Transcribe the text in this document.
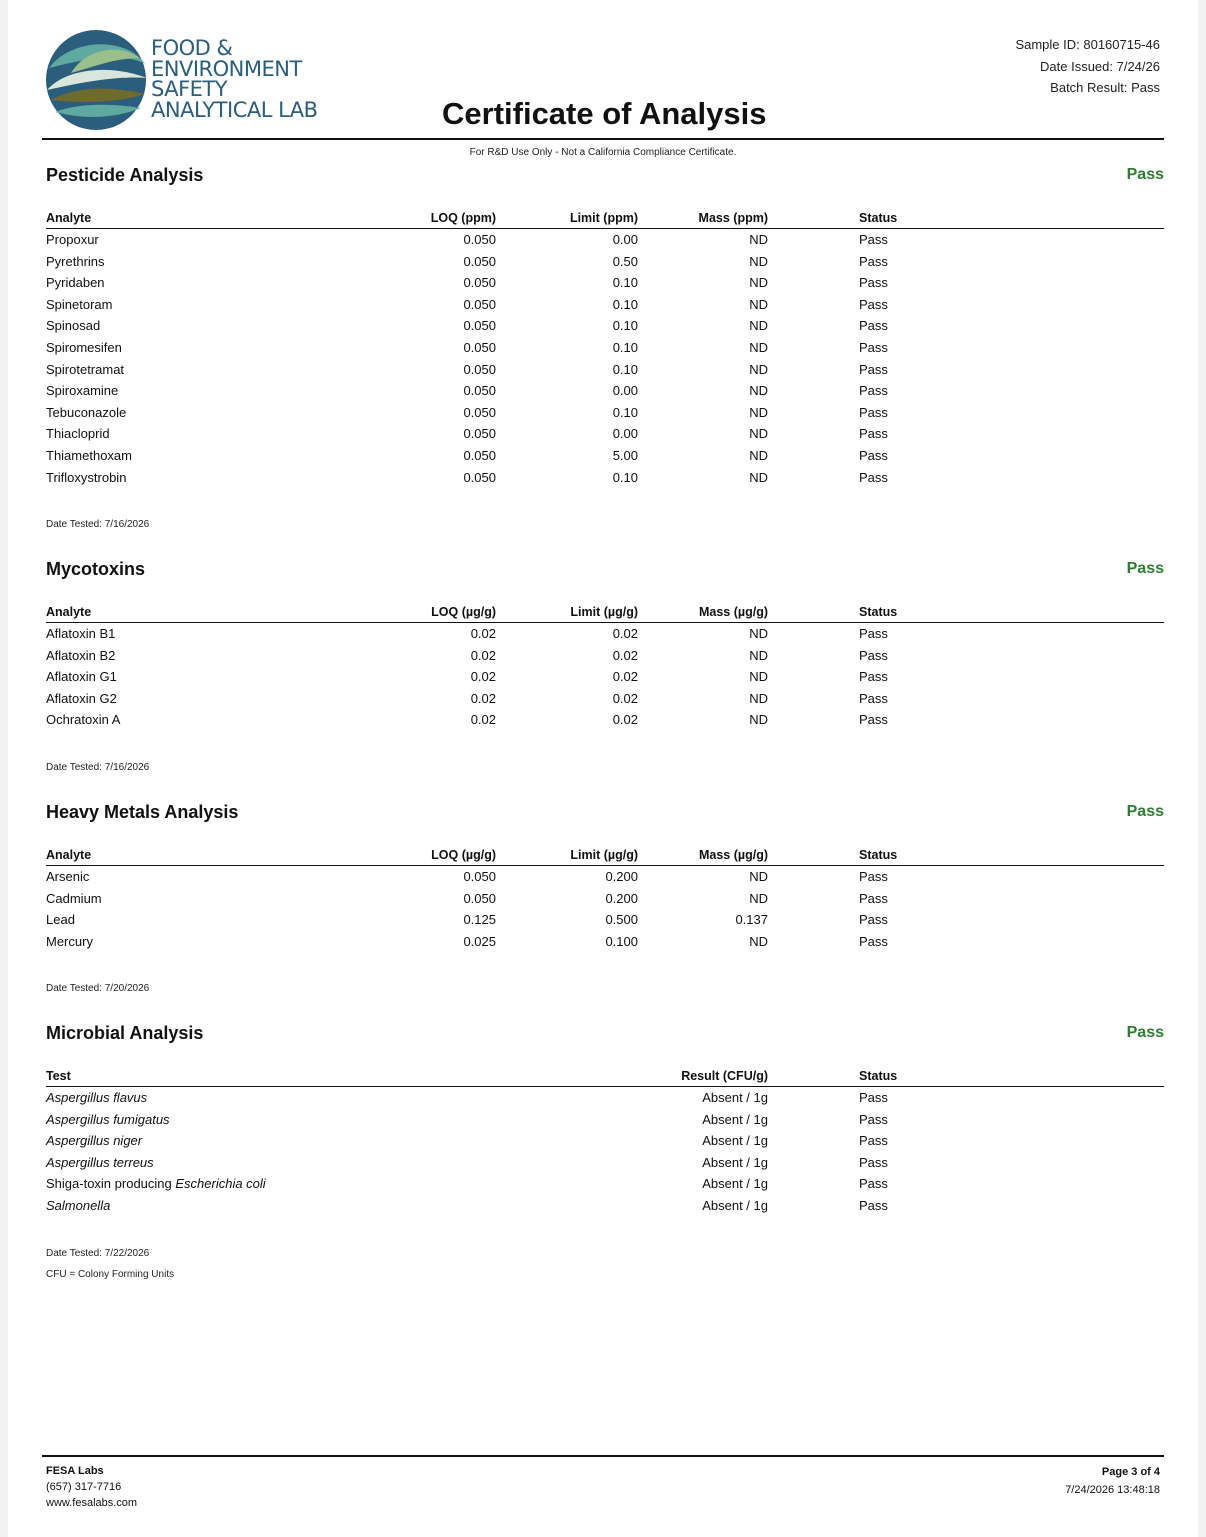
FOOD &
ENVIRONMENT
SAFETY
ANALYTICAL LAB
Sample ID: 80160715-46
Date Issued: 7/24/26
Batch Result: Pass
Certificate of Analysis
For R&D Use Only - Not a California Compliance Certificate.
Pesticide Analysis	Pass
Analyte	LOQ (ppm)	Limit (ppm)	Mass (ppm)	Status
Propoxur	0.050	0.00	ND	Pass
Pyrethrins	0.050	0.50	ND	Pass
Pyridaben	0.050	0.10	ND	Pass
Spinetoram	0.050	0.10	ND	Pass
Spinosad	0.050	0.10	ND	Pass
Spiromesifen	0.050	0.10	ND	Pass
Spirotetramat	0.050	0.10	ND	Pass
Spiroxamine	0.050	0.00	ND	Pass
Tebuconazole	0.050	0.10	ND	Pass
Thiacloprid	0.050	0.00	ND	Pass
Thiamethoxam	0.050	5.00	ND	Pass
Trifloxystrobin	0.050	0.10	ND	Pass
Date Tested: 7/16/2026
Mycotoxins	Pass
Analyte	LOQ (µg/g)	Limit (µg/g)	Mass (µg/g)	Status
Aflatoxin B1	0.02	0.02	ND	Pass
Aflatoxin B2	0.02	0.02	ND	Pass
Aflatoxin G1	0.02	0.02	ND	Pass
Aflatoxin G2	0.02	0.02	ND	Pass
Ochratoxin A	0.02	0.02	ND	Pass
Date Tested: 7/16/2026
Heavy Metals Analysis	Pass
Analyte	LOQ (µg/g)	Limit (µg/g)	Mass (µg/g)	Status
Arsenic	0.050	0.200	ND	Pass
Cadmium	0.050	0.200	ND	Pass
Lead	0.125	0.500	0.137	Pass
Mercury	0.025	0.100	ND	Pass
Date Tested: 7/20/2026
Microbial Analysis	Pass
Test	Result (CFU/g)	Status
Aspergillus flavus	Absent / 1g	Pass
Aspergillus fumigatus	Absent / 1g	Pass
Aspergillus niger	Absent / 1g	Pass
Aspergillus terreus	Absent / 1g	Pass
Shiga-toxin producing Escherichia coli	Absent / 1g	Pass
Salmonella	Absent / 1g	Pass
Date Tested: 7/22/2026
CFU = Colony Forming Units
FESA Labs
(657) 317-7716
www.fesalabs.com
Page 3 of 4
7/24/2026 13:48:18
